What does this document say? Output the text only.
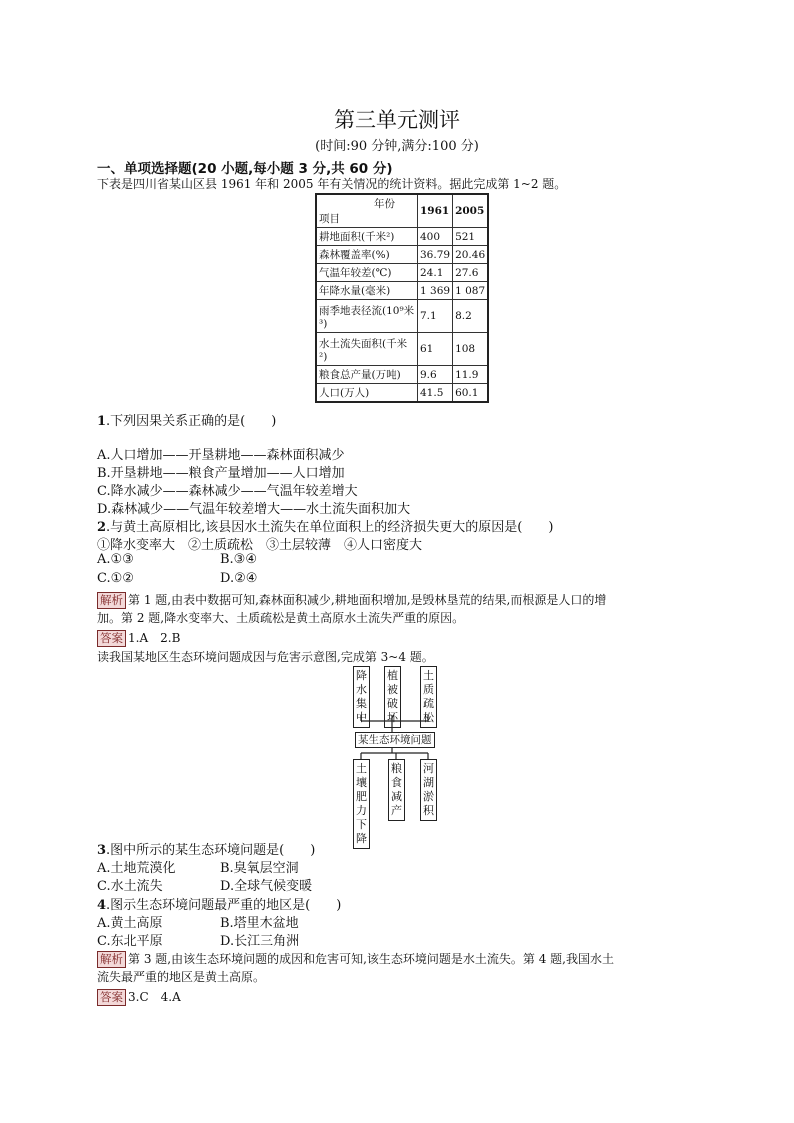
第三单元测评
(时间:90 分钟,满分:100 分)
一、单项选择题(20 小题,每小题 3 分,共 60 分)
下表是四川省某山区县 1961 年和 2005 年有关情况的统计资料。据此完成第 1~2 题。
年份
项目	1961	2005
耕地面积(千米²)	400	521
森林覆盖率(%)	36.79	20.46
气温年较差(℃)	24.1	27.6
年降水量(毫米)	1 369	1 087
雨季地表径流(10⁹米³)	7.1	8.2
水土流失面积(千米²)	61	108
粮食总产量(万吨)	9.6	11.9
人口(万人)	41.5	60.1
1.下列因果关系正确的是(　　)
A.人口增加——开垦耕地——森林面积减少
B.开垦耕地——粮食产量增加——人口增加
C.降水减少——森林减少——气温年较差增大
D.森林减少——气温年较差增大——水土流失面积加大
2.与黄土高原相比,该县因水土流失在单位面积上的经济损失更大的原因是(　　)
①降水变率大　②土质疏松　③土层较薄　④人口密度大
A.①③	B.③④
C.①②	D.②④
解析 第 1 题,由表中数据可知,森林面积减少,耕地面积增加,是毁林垦荒的结果,而根源是人口的增
加。第 2 题,降水变率大、土质疏松是黄土高原水土流失严重的原因。
答案 1.A　2.B
读我国某地区生态环境问题成因与危害示意图,完成第 3~4 题。
降水集中
植被破坏
土质疏松
某生态环境问题
土壤肥力下降
粮食减产
河湖淤积
3.图中所示的某生态环境问题是(　　)
A.土地荒漠化	B.臭氧层空洞
C.水土流失	D.全球气候变暖
4.图示生态环境问题最严重的地区是(　　)
A.黄土高原	B.塔里木盆地
C.东北平原	D.长江三角洲
解析 第 3 题,由该生态环境问题的成因和危害可知,该生态环境问题是水土流失。第 4 题,我国水土
流失最严重的地区是黄土高原。
答案 3.C　4.A
